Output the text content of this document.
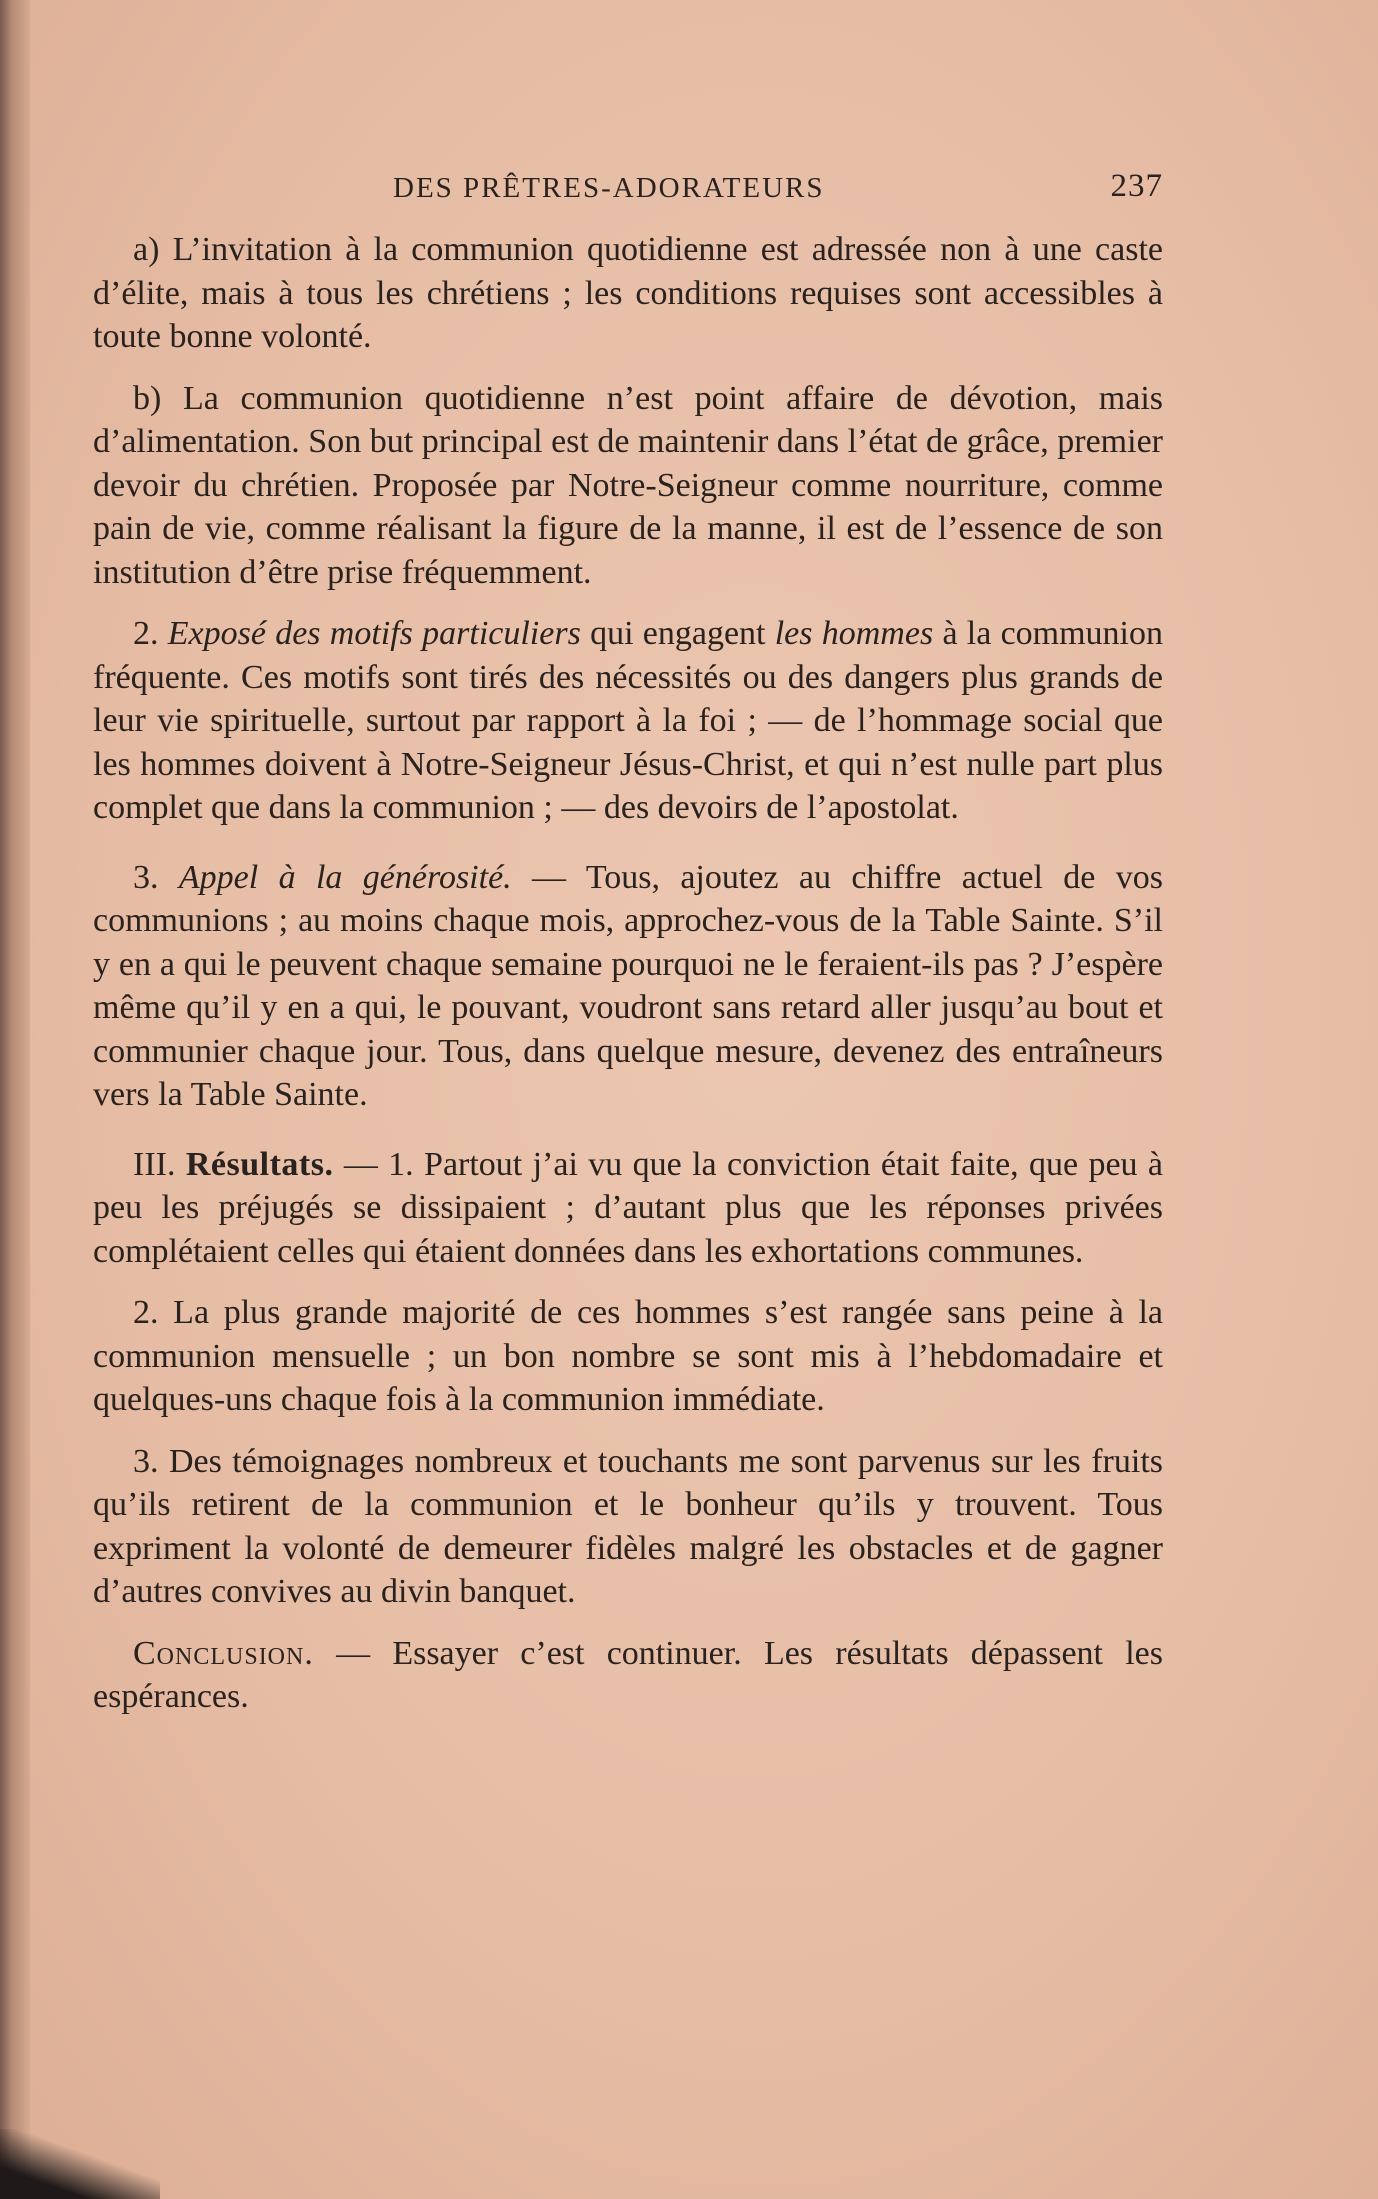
DES PRÊTRES-ADORATEURS	237

a) L’invitation à la communion quotidienne est adressée non à une caste d’élite, mais à tous les chrétiens ; les conditions requises sont accessibles à toute bonne volonté.

b) La communion quotidienne n’est point affaire de dévotion, mais d’alimentation. Son but principal est de maintenir dans l’état de grâce, premier devoir du chrétien. Proposée par Notre-Seigneur comme nourriture, comme pain de vie, comme réalisant la figure de la manne, il est de l’essence de son institution d’être prise fréquemment.

2. Exposé des motifs particuliers qui engagent les hommes à la communion fréquente. Ces motifs sont tirés des nécessités ou des dangers plus grands de leur vie spirituelle, surtout par rapport à la foi ; — de l’hommage social que les hommes doivent à Notre-Seigneur Jésus-Christ, et qui n’est nulle part plus complet que dans la communion ; — des devoirs de l’apostolat.

3. Appel à la générosité. — Tous, ajoutez au chiffre actuel de vos communions ; au moins chaque mois, approchez-vous de la Table Sainte. S’il y en a qui le peuvent chaque semaine pourquoi ne le feraient-ils pas ? J’espère même qu’il y en a qui, le pouvant, voudront sans retard aller jusqu’au bout et communier chaque jour. Tous, dans quelque mesure, devenez des entraîneurs vers la Table Sainte.

III. Résultats. — 1. Partout j’ai vu que la conviction était faite, que peu à peu les préjugés se dissipaient ; d’autant plus que les réponses privées complétaient celles qui étaient données dans les exhortations communes.

2. La plus grande majorité de ces hommes s’est rangée sans peine à la communion mensuelle ; un bon nombre se sont mis à l’hebdomadaire et quelques-uns chaque fois à la communion immédiate.

3. Des témoignages nombreux et touchants me sont parvenus sur les fruits qu’ils retirent de la communion et le bonheur qu’ils y trouvent. Tous expriment la volonté de demeurer fidèles malgré les obstacles et de gagner d’autres convives au divin banquet.

Conclusion. — Essayer c’est continuer. Les résultats dépassent les espérances.
